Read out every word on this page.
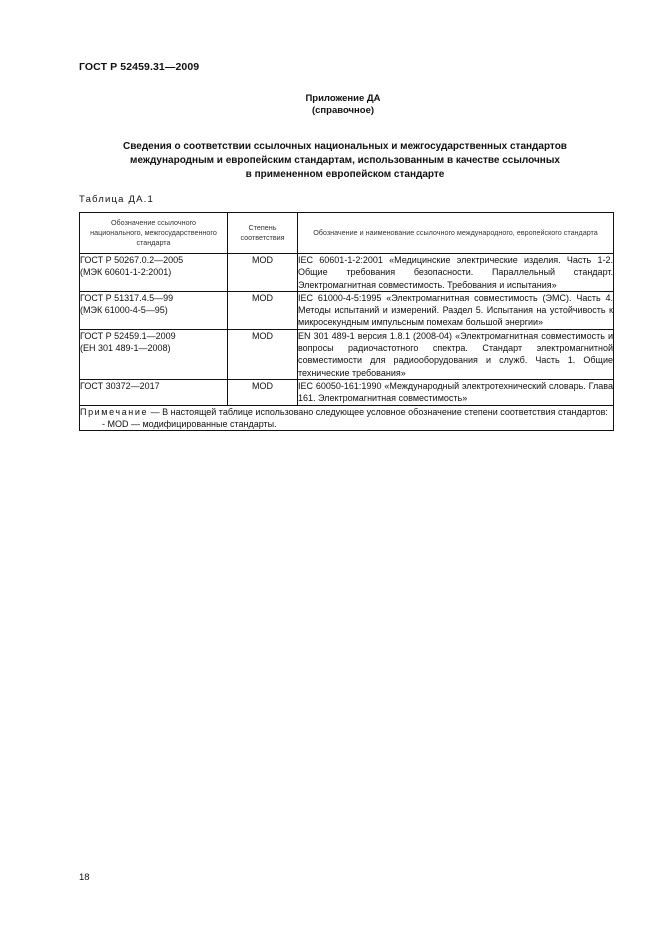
ГОСТ Р 52459.31—2009
Приложение ДА
(справочное)
Сведения о соответствии ссылочных национальных и межгосударственных стандартов
международным и европейским стандартам, использованным в качестве ссылочных
в примененном европейском стандарте
Таблица ДА.1
Обозначение ссылочного национального, межгосударственного стандарта	Степень соответствия	Обозначение и наименование ссылочного международного, европейского стандарта

ГОСТ Р 50267.0.2—2005
(МЭК 60601-1-2:2001)	MOD	IEC 60601-1-2:2001 «Медицинские электрические изделия. Часть 1-2. Общие требования безопасности. Параллельный стандарт. Электромагнитная совместимость. Требования и испытания»

ГОСТ Р 51317.4.5—99
(МЭК 61000-4-5—95)	MOD	IEC 61000-4-5:1995 «Электромагнитная совместимость (ЭМС). Часть 4. Методы испытаний и измерений. Раздел 5. Испытания на устойчивость к микросекундным импульсным помехам большой энергии»

ГОСТ Р 52459.1—2009
(ЕН 301 489-1—2008)	MOD	EN 301 489-1 версия 1.8.1 (2008-04) «Электромагнитная совместимость и вопросы радиочастотного спектра. Стандарт электромагнитной совместимости для радиооборудования и служб. Часть 1. Общие технические требования»

ГОСТ 30372—2017	MOD	IEC 60050-161:1990 «Международный электротехнический словарь. Глава 161. Электромагнитная совместимость»

Примечание — В настоящей таблице использовано следующее условное обозначение степени соответствия стандартов:
- MOD — модифицированные стандарты.		
18
